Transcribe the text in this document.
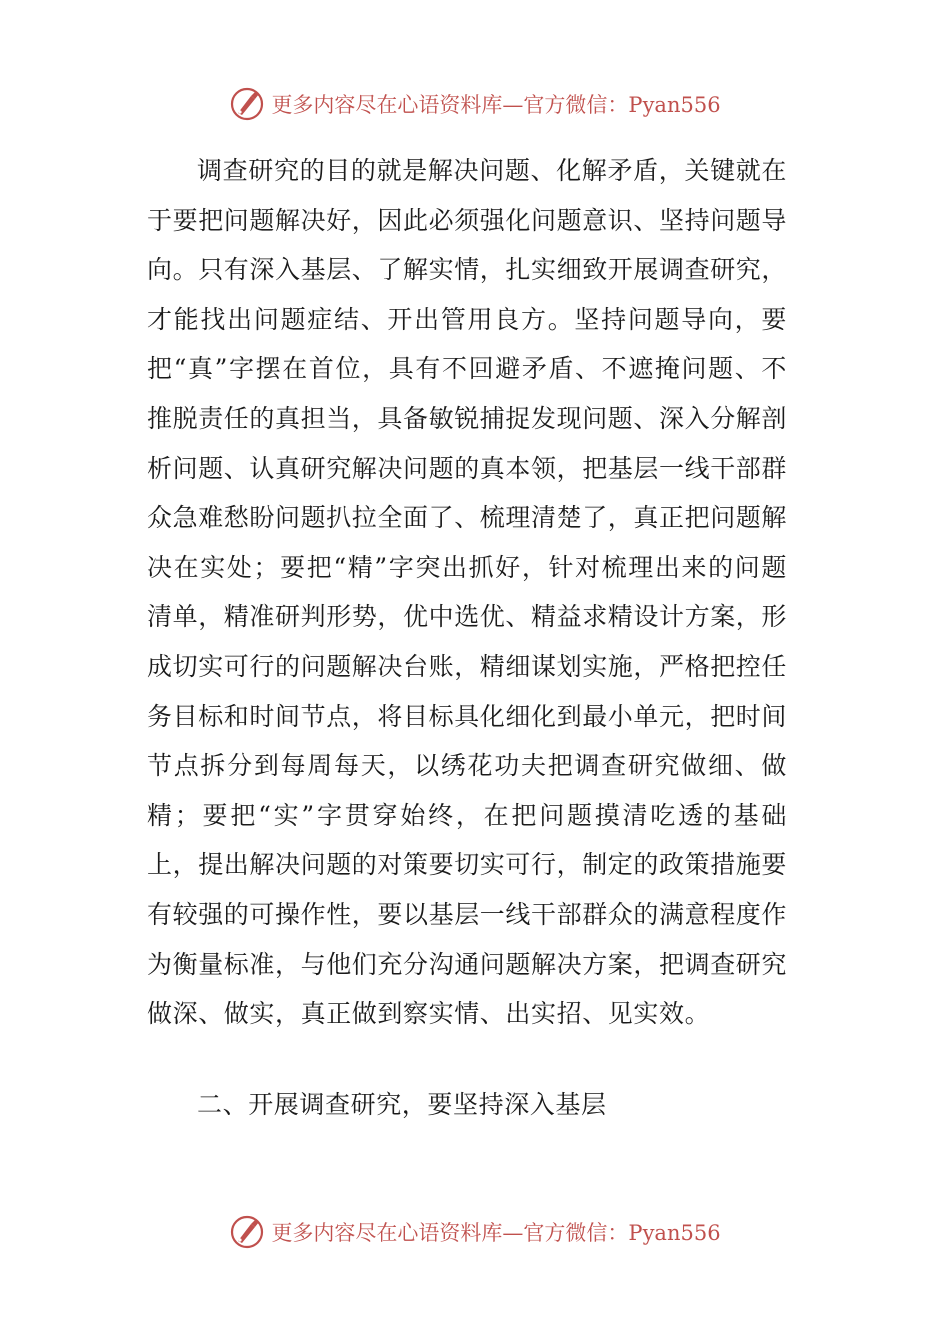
更多内容尽在心语资料库—官方微信：Pyan556

调查研究的目的就是解决问题、化解矛盾，关键就在于要把问题解决好，因此必须强化问题意识、坚持问题导向。只有深入基层、了解实情，扎实细致开展调查研究，才能找出问题症结、开出管用良方。坚持问题导向，要把“真”字摆在首位，具有不回避矛盾、不遮掩问题、不推脱责任的真担当，具备敏锐捕捉发现问题、深入分解剖析问题、认真研究解决问题的真本领，把基层一线干部群众急难愁盼问题扒拉全面了、梳理清楚了，真正把问题解决在实处；要把“精”字突出抓好，针对梳理出来的问题清单，精准研判形势，优中选优、精益求精设计方案，形成切实可行的问题解决台账，精细谋划实施，严格把控任务目标和时间节点，将目标具化细化到最小单元，把时间节点拆分到每周每天，以绣花功夫把调查研究做细、做精；要把“实”字贯穿始终，在把问题摸清吃透的基础上，提出解决问题的对策要切实可行，制定的政策措施要有较强的可操作性，要以基层一线干部群众的满意程度作为衡量标准，与他们充分沟通问题解决方案，把调查研究做深、做实，真正做到察实情、出实招、见实效。

二、开展调查研究，要坚持深入基层

更多内容尽在心语资料库—官方微信：Pyan556
